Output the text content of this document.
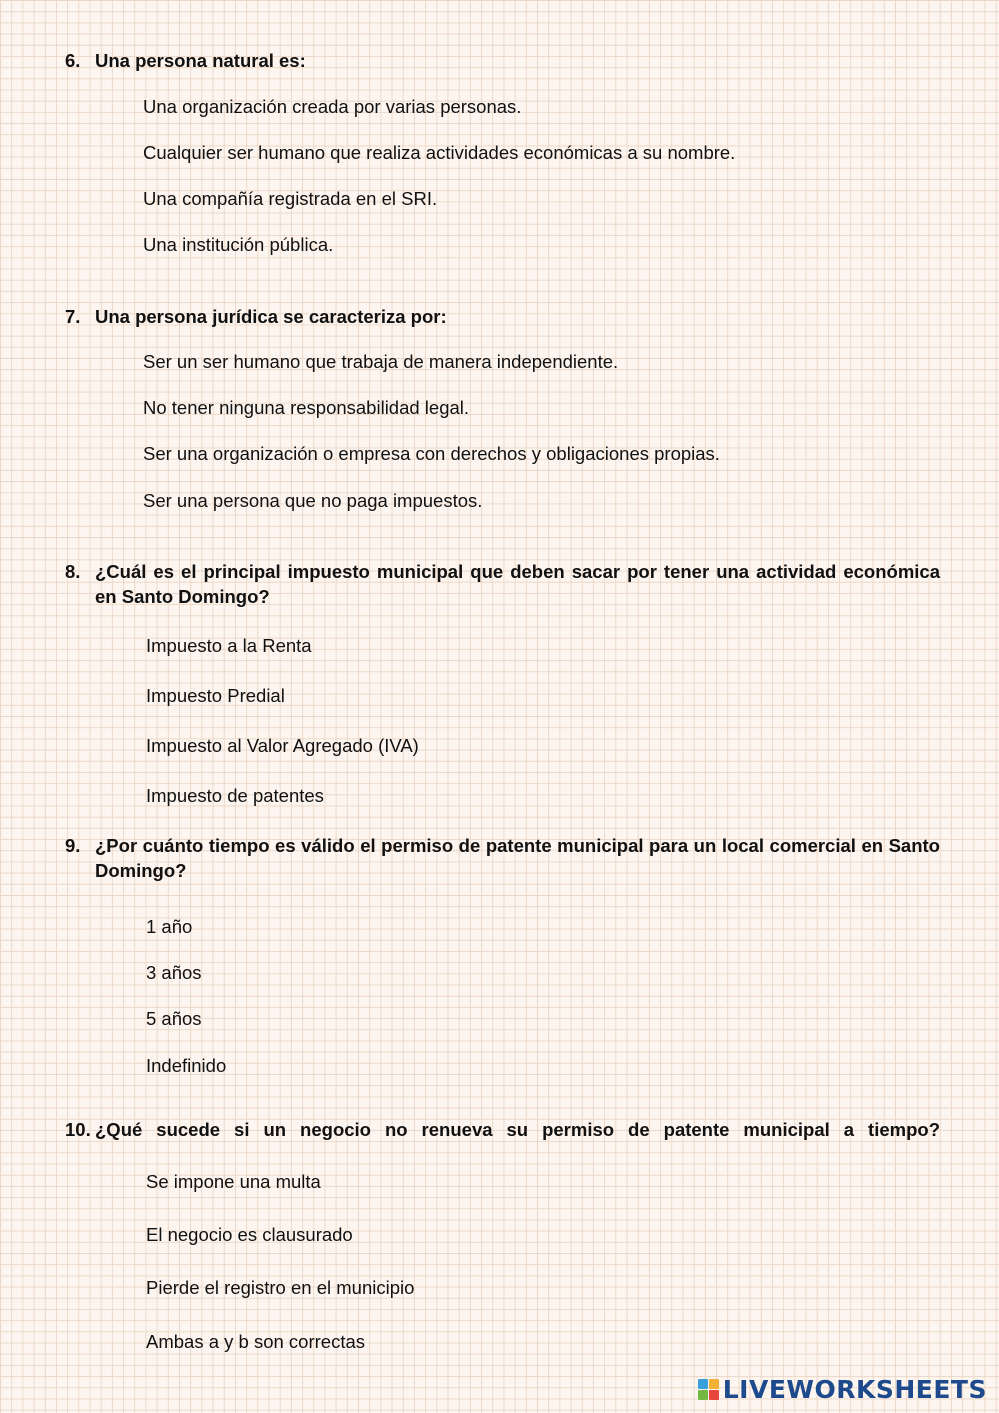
6. Una persona natural es:
Una organización creada por varias personas.
Cualquier ser humano que realiza actividades económicas a su nombre.
Una compañía registrada en el SRI.
Una institución pública.
7. Una persona jurídica se caracteriza por:
Ser un ser humano que trabaja de manera independiente.
No tener ninguna responsabilidad legal.
Ser una organización o empresa con derechos y obligaciones propias.
Ser una persona que no paga impuestos.
8. ¿Cuál es el principal impuesto municipal que deben sacar por tener una actividad económica en Santo Domingo?
Impuesto a la Renta
Impuesto Predial
Impuesto al Valor Agregado (IVA)
Impuesto de patentes
9. ¿Por cuánto tiempo es válido el permiso de patente municipal para un local comercial en Santo Domingo?
1 año
3 años
5 años
Indefinido
10. ¿Qué sucede si un negocio no renueva su permiso de patente municipal a tiempo?
Se impone una multa
El negocio es clausurado
Pierde el registro en el municipio
Ambas a y b son correctas
LIVEWORKSHEETS
